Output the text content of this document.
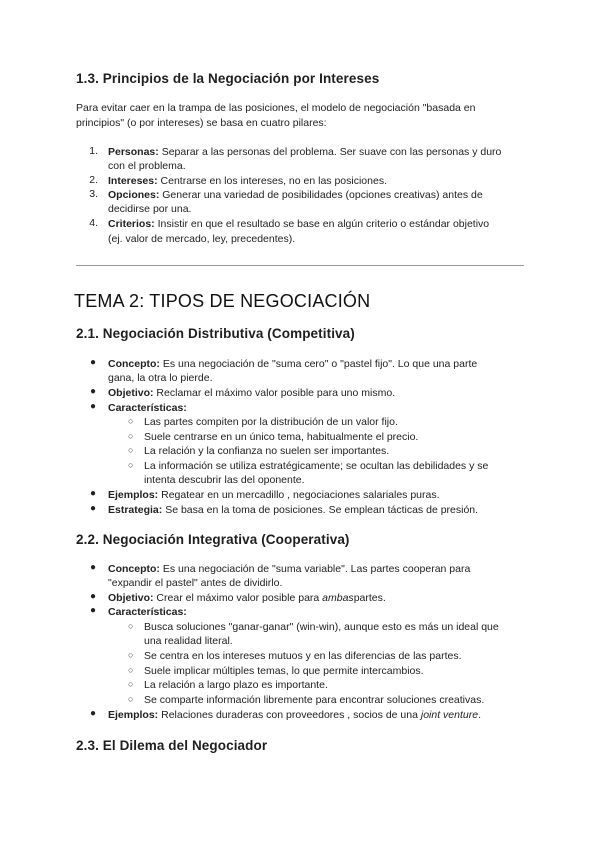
1.3. Principios de la Negociación por Intereses
Para evitar caer en la trampa de las posiciones, el modelo de negociación "basada en
principios" (o por intereses) se basa en cuatro pilares:
1. Personas: Separar a las personas del problema. Ser suave con las personas y duro
con el problema.
2. Intereses: Centrarse en los intereses, no en las posiciones.
3. Opciones: Generar una variedad de posibilidades (opciones creativas) antes de
decidirse por una.
4. Criterios: Insistir en que el resultado se base en algún criterio o estándar objetivo
(ej. valor de mercado, ley, precedentes).
TEMA 2: TIPOS DE NEGOCIACIÓN
2.1. Negociación Distributiva (Competitiva)
● Concepto: Es una negociación de "suma cero" o "pastel fijo". Lo que una parte
gana, la otra lo pierde.
● Objetivo: Reclamar el máximo valor posible para uno mismo.
● Características:
○ Las partes compiten por la distribución de un valor fijo.
○ Suele centrarse en un único tema, habitualmente el precio.
○ La relación y la confianza no suelen ser importantes.
○ La información se utiliza estratégicamente; se ocultan las debilidades y se
intenta descubrir las del oponente.
● Ejemplos: Regatear en un mercadillo , negociaciones salariales puras.
● Estrategia: Se basa en la toma de posiciones. Se emplean tácticas de presión.
2.2. Negociación Integrativa (Cooperativa)
● Concepto: Es una negociación de "suma variable". Las partes cooperan para
"expandir el pastel" antes de dividirlo.
● Objetivo: Crear el máximo valor posible para ambaspartes.
● Características:
○ Busca soluciones "ganar-ganar" (win-win), aunque esto es más un ideal que
una realidad literal.
○ Se centra en los intereses mutuos y en las diferencias de las partes.
○ Suele implicar múltiples temas, lo que permite intercambios.
○ La relación a largo plazo es importante.
○ Se comparte información libremente para encontrar soluciones creativas.
● Ejemplos: Relaciones duraderas con proveedores , socios de una joint venture.
2.3. El Dilema del Negociador
